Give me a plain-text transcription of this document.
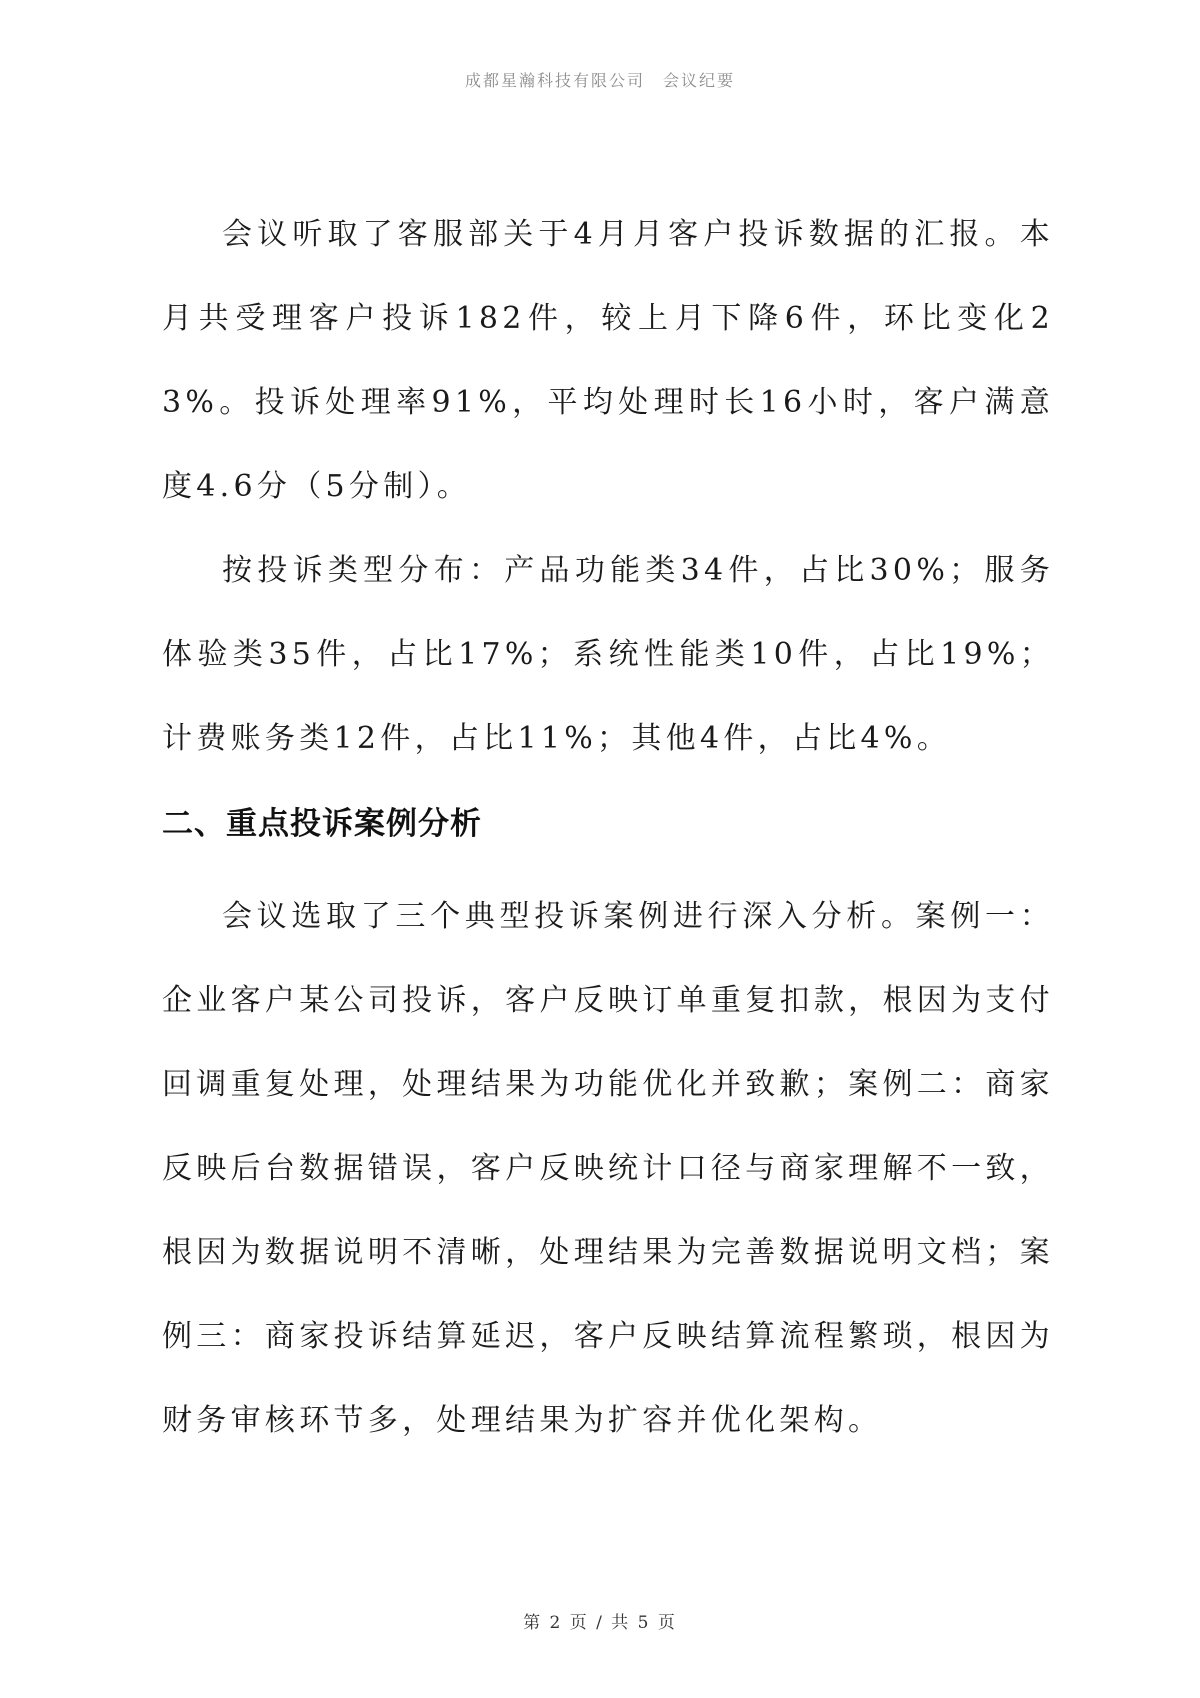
成都星瀚科技有限公司 会议纪要

会议听取了客服部关于4月月客户投诉数据的汇报。本月共受理客户投诉182件，较上月下降6件，环比变化23%。投诉处理率91%，平均处理时长16小时，客户满意度4.6分（5分制）。

按投诉类型分布：产品功能类34件，占比30%；服务体验类35件，占比17%；系统性能类10件，占比19%；计费账务类12件，占比11%；其他4件，占比4%。

二、重点投诉案例分析

会议选取了三个典型投诉案例进行深入分析。案例一：企业客户某公司投诉，客户反映订单重复扣款，根因为支付回调重复处理，处理结果为功能优化并致歉；案例二：商家反映后台数据错误，客户反映统计口径与商家理解不一致，根因为数据说明不清晰，处理结果为完善数据说明文档；案例三：商家投诉结算延迟，客户反映结算流程繁琐，根因为财务审核环节多，处理结果为扩容并优化架构。

第 2 页 / 共 5 页
